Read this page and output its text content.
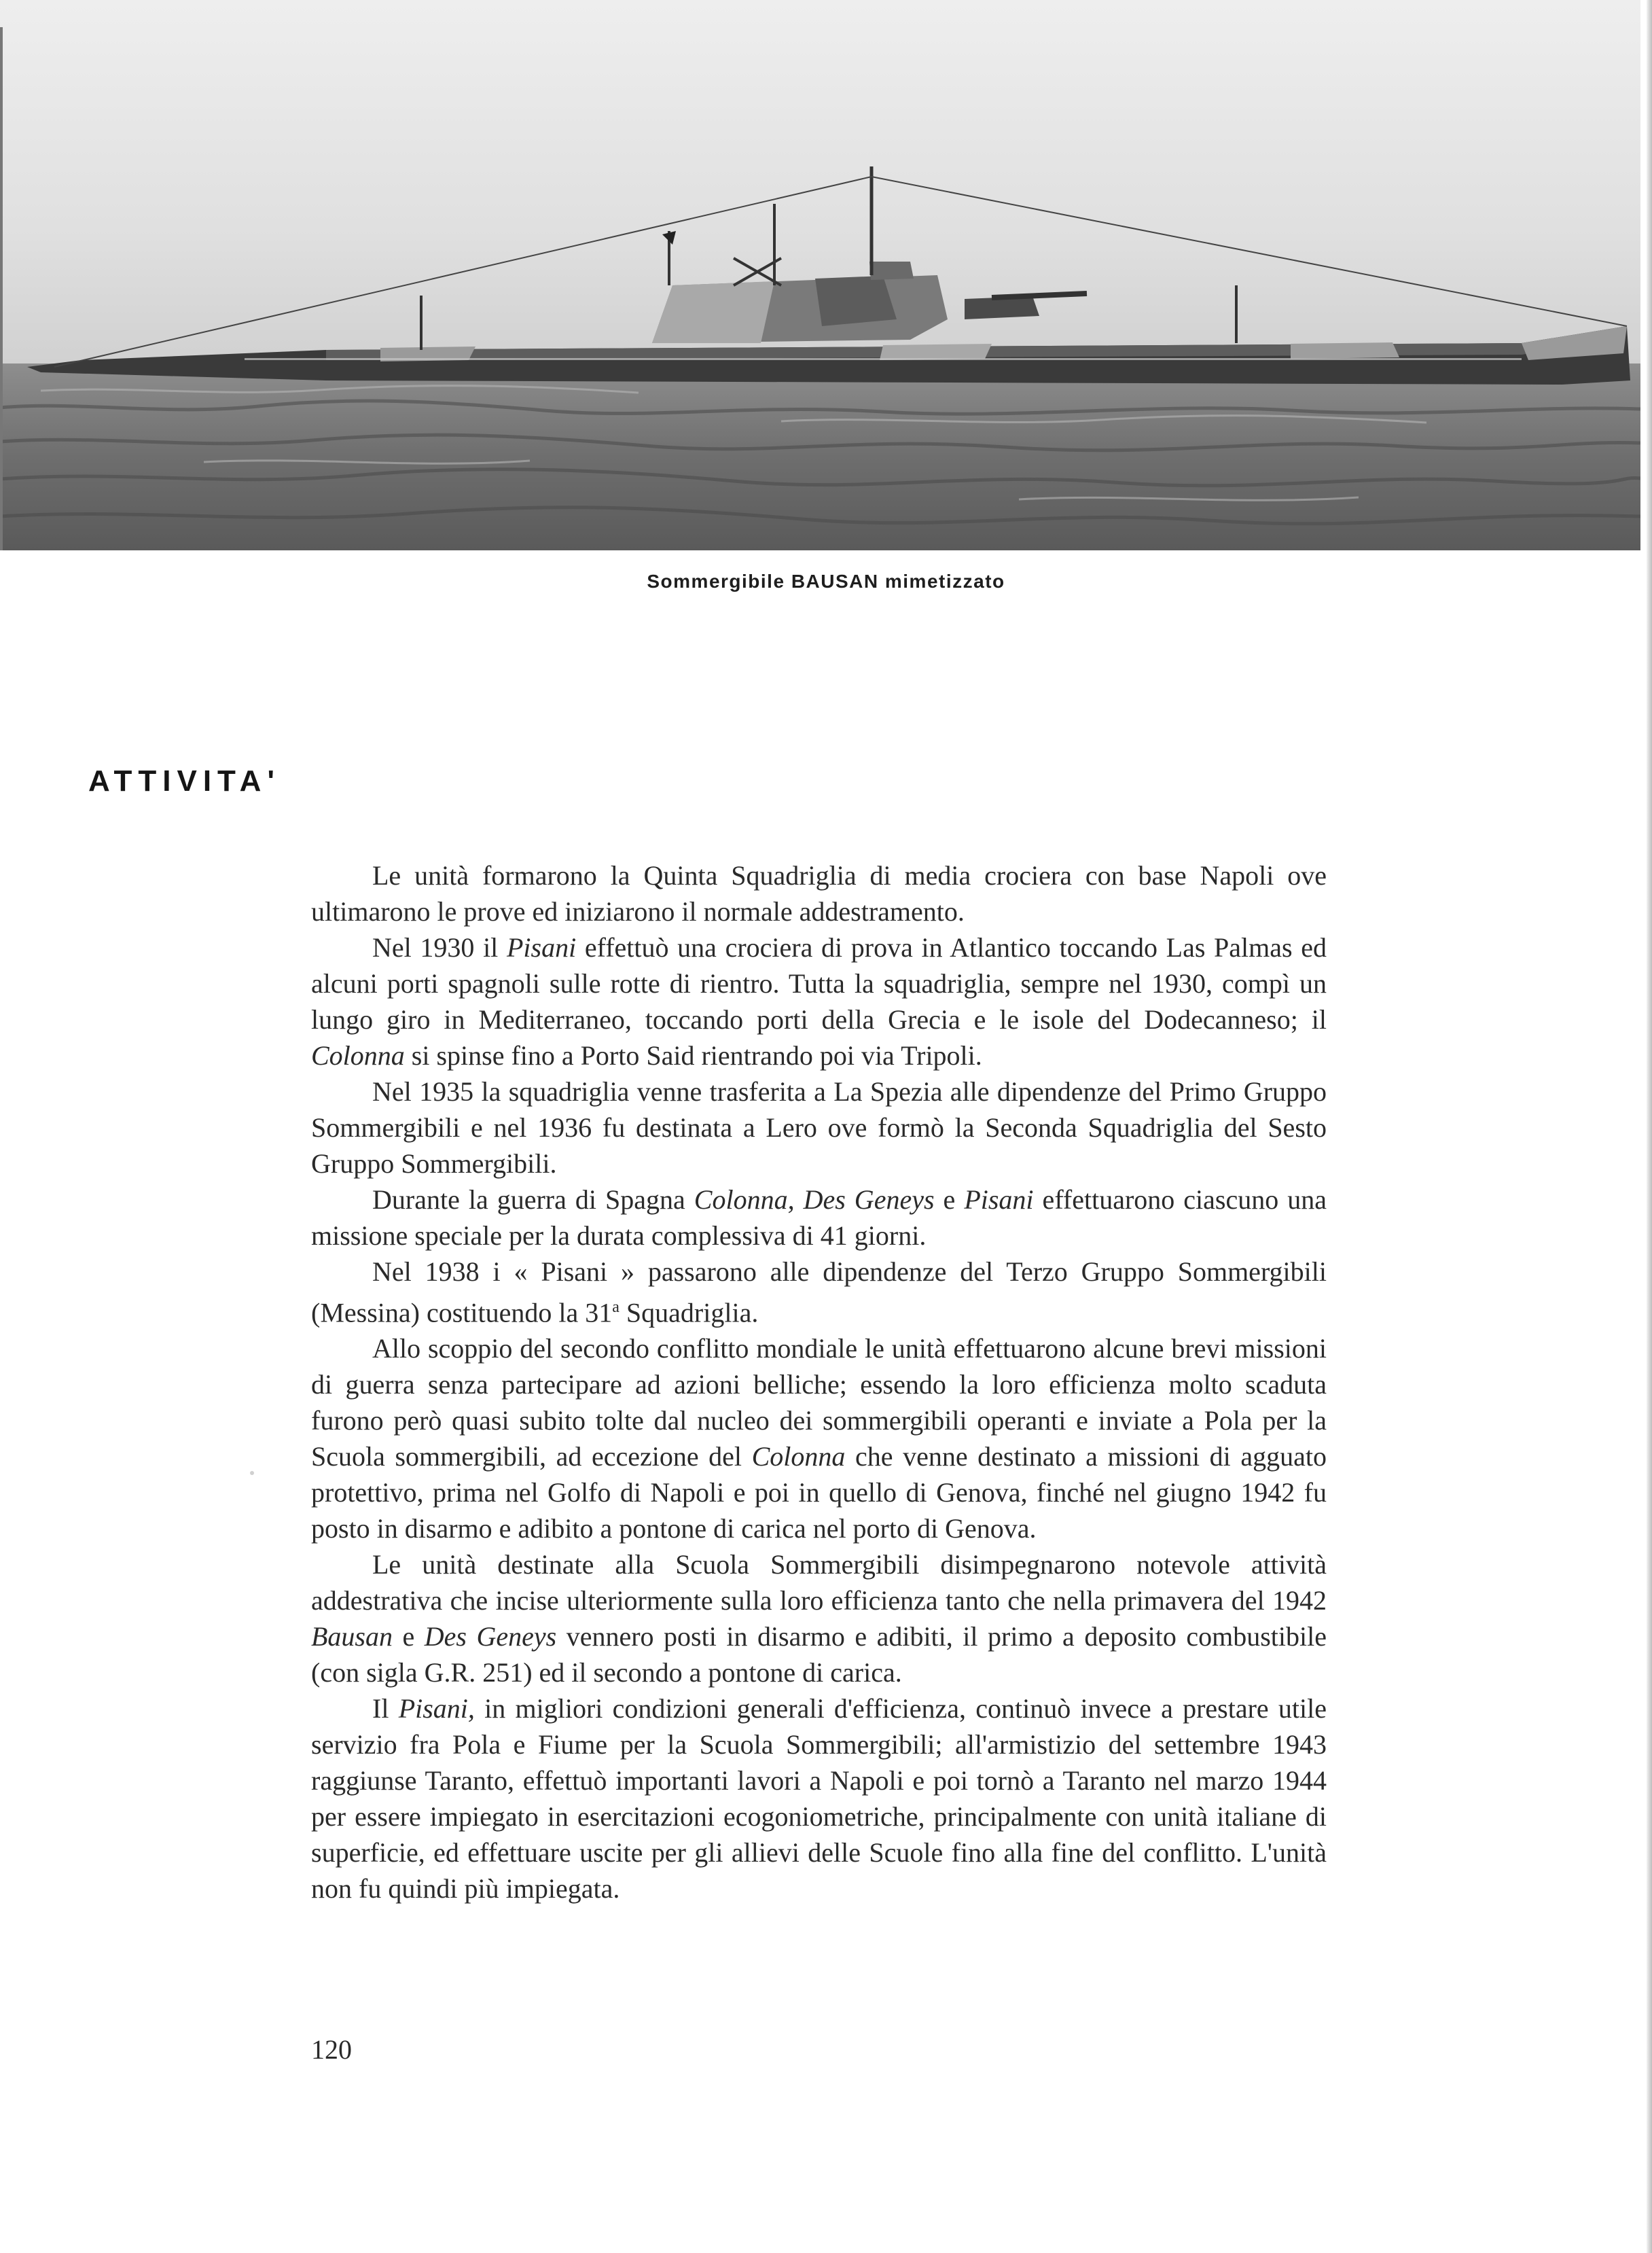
Sommergibile BAUSAN mimetizzato
ATTIVITA'

Le unità formarono la Quinta Squadriglia di media crociera con base Napoli ove ultimarono le prove ed iniziarono il normale addestramento.

Nel 1930 il Pisani effettuò una crociera di prova in Atlantico toccando Las Palmas ed alcuni porti spagnoli sulle rotte di rientro. Tutta la squadriglia, sempre nel 1930, compì un lungo giro in Mediterraneo, toccando porti della Grecia e le isole del Dodecanneso; il Colonna si spinse fino a Porto Said rientrando poi via Tripoli.

Nel 1935 la squadriglia venne trasferita a La Spezia alle dipendenze del Primo Gruppo Sommergibili e nel 1936 fu destinata a Lero ove formò la Seconda Squadriglia del Sesto Gruppo Sommergibili.

Durante la guerra di Spagna Colonna, Des Geneys e Pisani effettuarono ciascuno una missione speciale per la durata complessiva di 41 giorni.

Nel 1938 i « Pisani » passarono alle dipendenze del Terzo Gruppo Sommergibili (Messina) costituendo la 31$^a$ Squadriglia.

Allo scoppio del secondo conflitto mondiale le unità effettuarono alcune brevi missioni di guerra senza partecipare ad azioni belliche; essendo la loro efficienza molto scaduta furono però quasi subito tolte dal nucleo dei sommergibili operanti e inviate a Pola per la Scuola sommergibili, ad eccezione del Colonna che venne destinato a missioni di agguato protettivo, prima nel Golfo di Napoli e poi in quello di Genova, finché nel giugno 1942 fu posto in disarmo e adibito a pontone di carica nel porto di Genova.

Le unità destinate alla Scuola Sommergibili disimpegnarono notevole attività addestrativa che incise ulteriormente sulla loro efficienza tanto che nella primavera del 1942 Bausan e Des Geneys vennero posti in disarmo e adibiti, il primo a deposito combustibile (con sigla G.R. 251) ed il secondo a pontone di carica.

Il Pisani, in migliori condizioni generali d'efficienza, continuò invece a prestare utile servizio fra Pola e Fiume per la Scuola Sommergibili; all'armistizio del settembre 1943 raggiunse Taranto, effettuò importanti lavori a Napoli e poi tornò a Taranto nel marzo 1944 per essere impiegato in esercitazioni ecogoniometriche, principalmente con unità italiane di superficie, ed effettuare uscite per gli allievi delle Scuole fino alla fine del conflitto. L'unità non fu quindi più impiegata.

120
